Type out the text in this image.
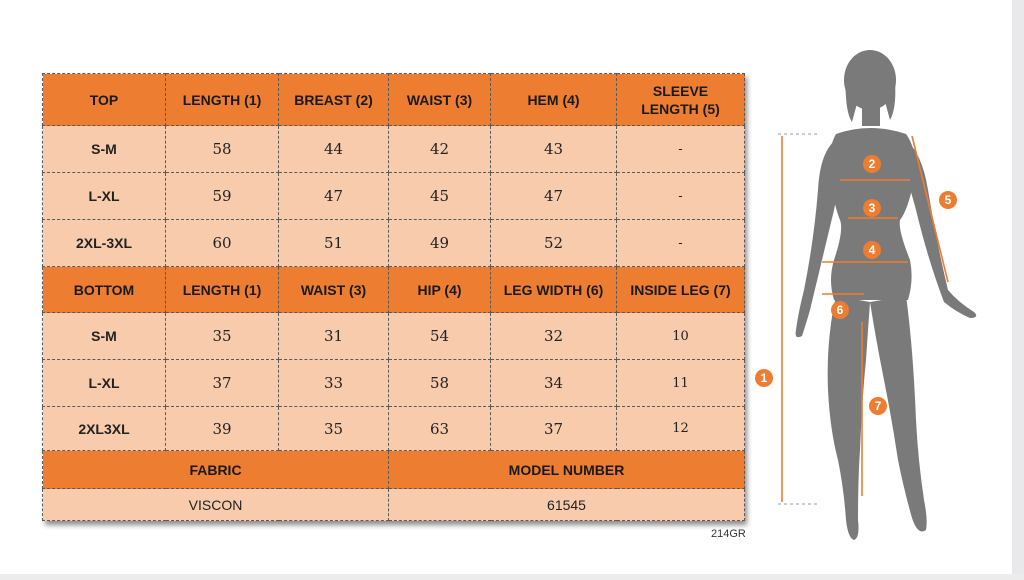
TOP	LENGTH (1)	BREAST (2)	WAIST (3)	HEM (4)	SLEEVE LENGTH (5)
S-M	58	44	42	43	-
L-XL	59	47	45	47	-
2XL-3XL	60	51	49	52	-
BOTTOM	LENGTH (1)	WAIST (3)	HIP (4)	LEG WIDTH (6)	INSIDE LEG (7)
S-M	35	31	54	32	10
L-XL	37	33	58	34	11
2XL3XL	39	35	63	37	12
FABRIC			MODEL NUMBER		
VISCON			61545		
214GR
1
2
3
4
5
6
7
